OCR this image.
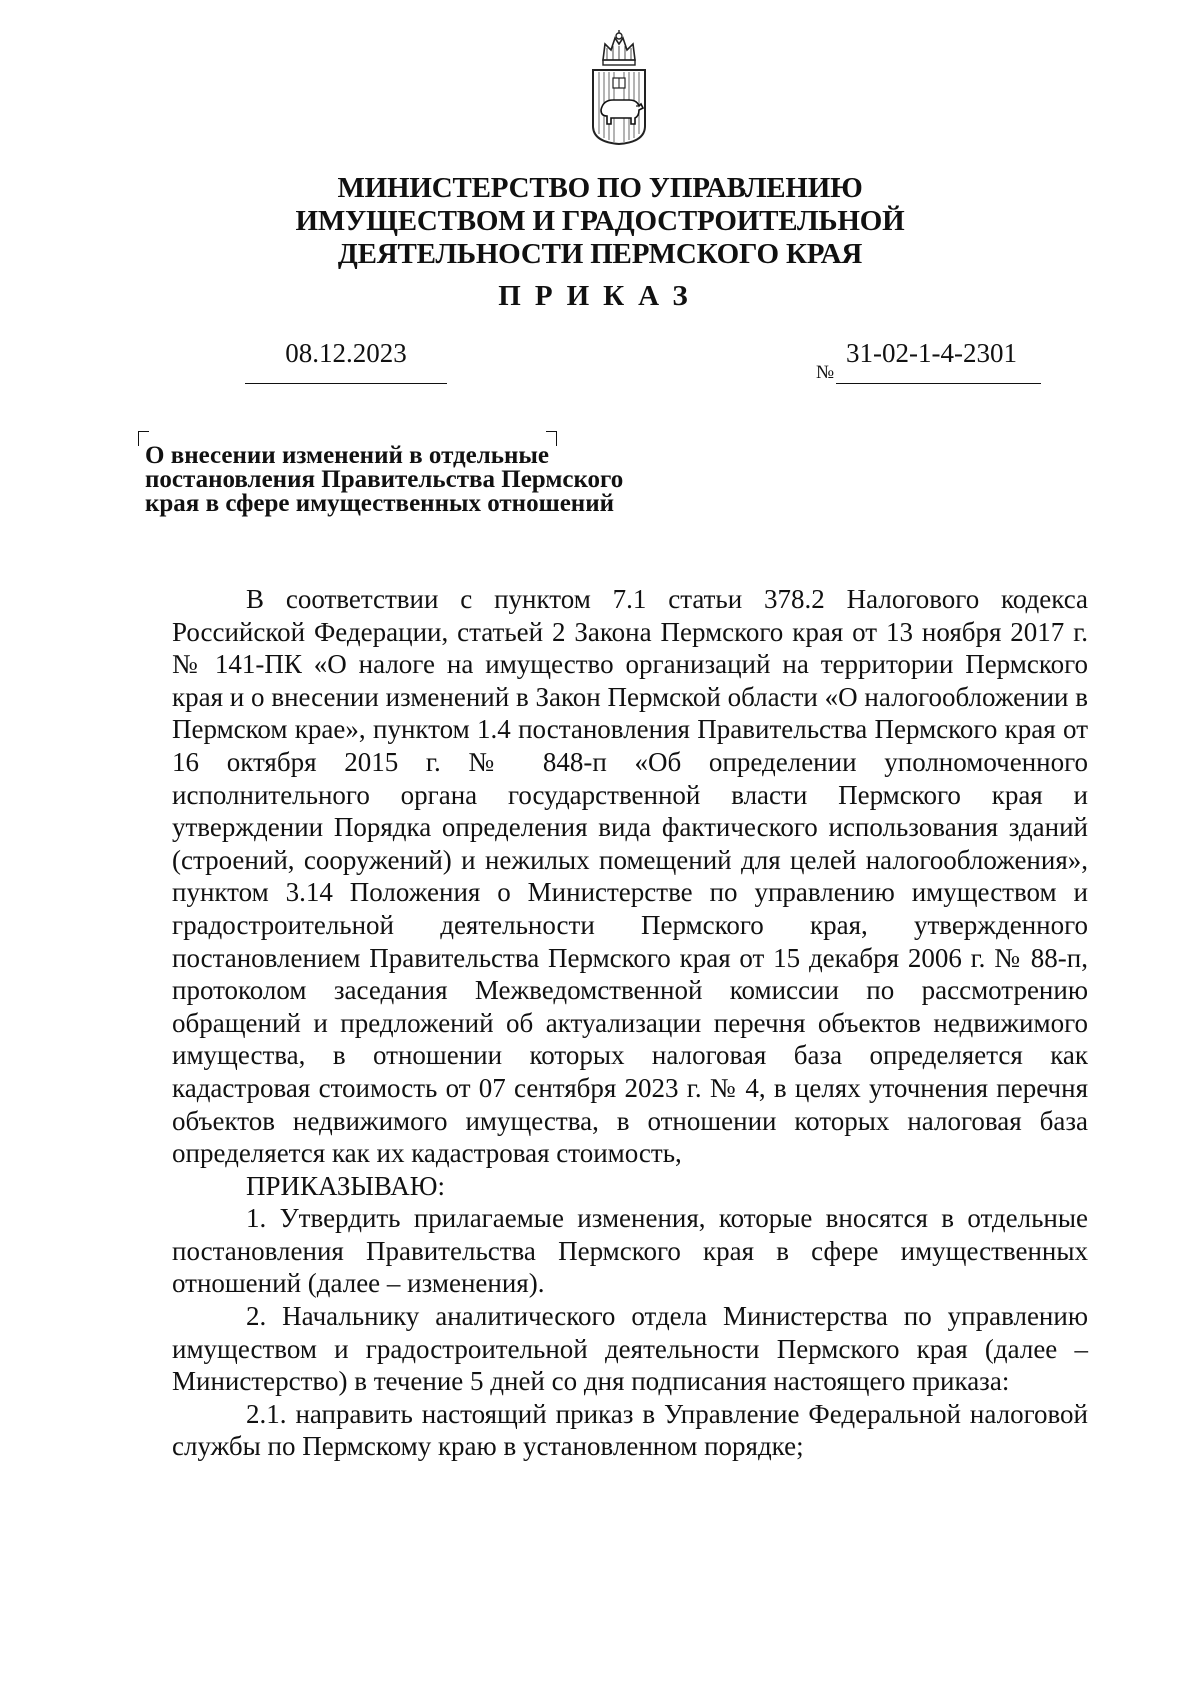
МИНИСТЕРСТВО ПО УПРАВЛЕНИЮ
ИМУЩЕСТВОМ И ГРАДОСТРОИТЕЛЬНОЙ
ДЕЯТЕЛЬНОСТИ ПЕРМСКОГО КРАЯ
ПРИКАЗ
08.12.2023
№
31-02-1-4-2301
О внесении изменений в отдельные
постановления Правительства Пермского
края в сфере имущественных отношений

В соответствии с пунктом 7.1 статьи 378.2 Налогового кодекса Российской Федерации, статьей 2 Закона Пермского края от 13 ноября 2017 г. № 141-ПК «О налоге на имущество организаций на территории Пермского края и о внесении изменений в Закон Пермской области «О налогообложении в Пермском крае», пунктом 1.4 постановления Правительства Пермского края от 16 октября 2015 г. № 848-п «Об определении уполномоченного исполнительного органа государственной власти Пермского края и утверждении Порядка определения вида фактического использования зданий (строений, сооружений) и нежилых помещений для целей налогообложения», пунктом 3.14 Положения о Министерстве по управлению имуществом и градостроительной деятельности Пермского края, утвержденного постановлением Правительства Пермского края от 15 декабря 2006 г. № 88-п, протоколом заседания Межведомственной комиссии по рассмотрению обращений и предложений об актуализации перечня объектов недвижимого имущества, в отношении которых налоговая база определяется как кадастровая стоимость от 07 сентября 2023 г. № 4, в целях уточнения перечня объектов недвижимого имущества, в отношении которых налоговая база определяется как их кадастровая стоимость,

ПРИКАЗЫВАЮ:

1. Утвердить прилагаемые изменения, которые вносятся в отдельные постановления Правительства Пермского края в сфере имущественных отношений (далее – изменения).

2. Начальнику аналитического отдела Министерства по управлению имуществом и градостроительной деятельности Пермского края (далее – Министерство) в течение 5 дней со дня подписания настоящего приказа:

2.1. направить настоящий приказ в Управление Федеральной налоговой службы по Пермскому краю в установленном порядке;
